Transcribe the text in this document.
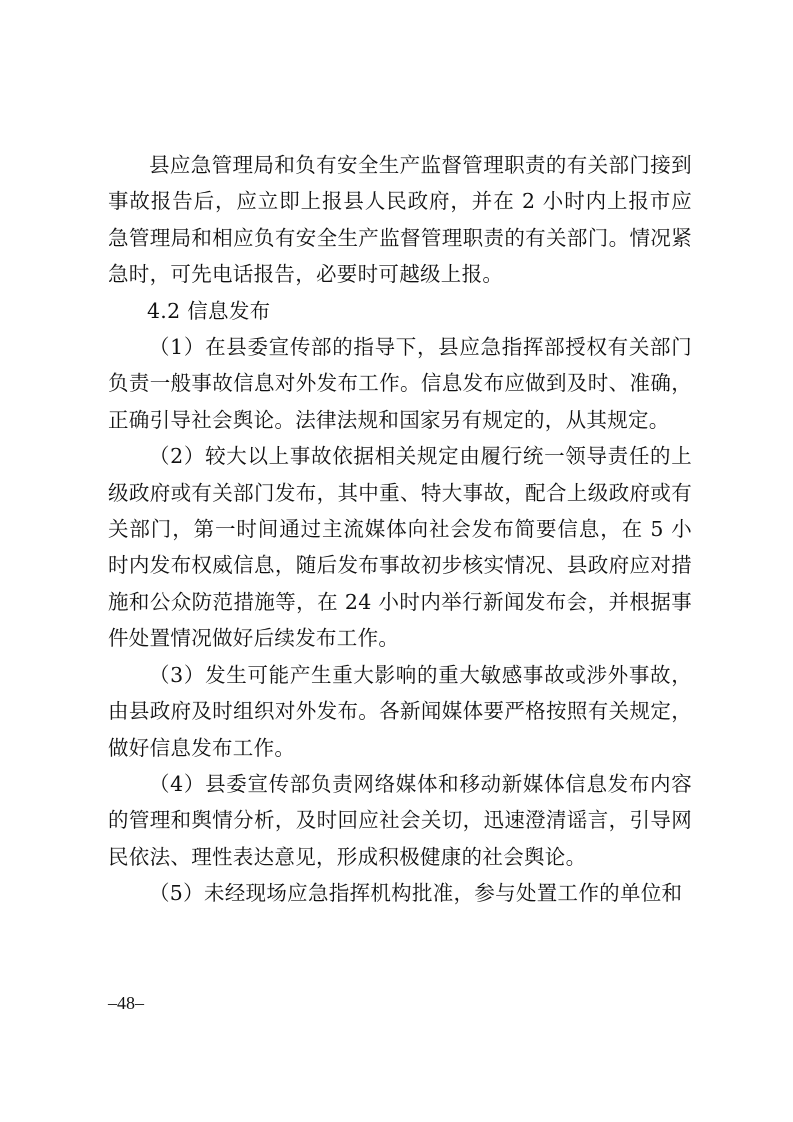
县应急管理局和负有安全生产监督管理职责的有关部门接到事故报告后，应立即上报县人民政府，并在 2 小时内上报市应急管理局和相应负有安全生产监督管理职责的有关部门。情况紧急时，可先电话报告，必要时可越级上报。

4.2 信息发布

（1）在县委宣传部的指导下，县应急指挥部授权有关部门负责一般事故信息对外发布工作。信息发布应做到及时、准确，正确引导社会舆论。法律法规和国家另有规定的，从其规定。

（2）较大以上事故依据相关规定由履行统一领导责任的上级政府或有关部门发布，其中重、特大事故，配合上级政府或有关部门，第一时间通过主流媒体向社会发布简要信息，在 5 小时内发布权威信息，随后发布事故初步核实情况、县政府应对措施和公众防范措施等，在 24 小时内举行新闻发布会，并根据事件处置情况做好后续发布工作。

（3）发生可能产生重大影响的重大敏感事故或涉外事故，由县政府及时组织对外发布。各新闻媒体要严格按照有关规定，做好信息发布工作。

（4）县委宣传部负责网络媒体和移动新媒体信息发布内容的管理和舆情分析，及时回应社会关切，迅速澄清谣言，引导网民依法、理性表达意见，形成积极健康的社会舆论。

（5）未经现场应急指挥机构批准，参与处置工作的单位和

–48–
